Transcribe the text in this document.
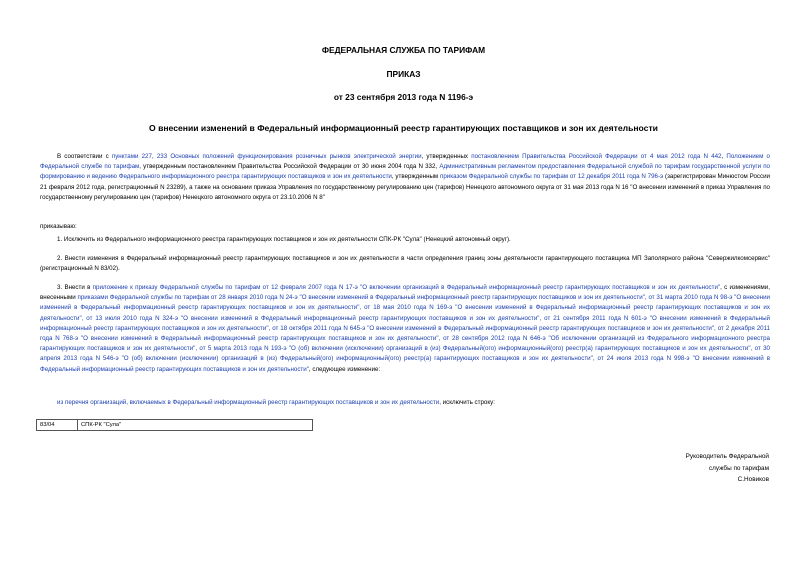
ФЕДЕРАЛЬНАЯ СЛУЖБА ПО ТАРИФАМ
ПРИКАЗ
от 23 сентября 2013 года N 1196-э
О внесении изменений в Федеральный информационный реестр гарантирующих поставщиков и зон их деятельности
В соответствии с пунктами 227, 233 Основных положений функционирования розничных рынков электрической энергии, утвержденных постановлением Правительства Российской Федерации от 4 мая 2012 года N 442, Положением о Федеральной службе по тарифам, утвержденным постановлением Правительства Российской Федерации от 30 июня 2004 года N 332, Административным регламентом предоставления Федеральной службой по тарифам государственной услуги по формированию и ведению Федерального информационного реестра гарантирующих поставщиков и зон их деятельности, утвержденным приказом Федеральной службы по тарифам от 12 декабря 2011 года N 796-э (зарегистрирован Минюстом России 21 февраля 2012 года, регистрационный N 23289), а также на основании приказа Управления по государственному регулированию цен (тарифов) Ненецкого автономного округа от 31 мая 2013 года N 16 "О внесении изменений в приказ Управления по государственному регулированию цен (тарифов) Ненецкого автономного округа от 23.10.2006 N 8"
приказываю:
1. Исключить из Федерального информационного реестра гарантирующих поставщиков и зон их деятельности СПК-РК "Сула" (Ненецкий автономный округ).
2. Внести изменения в Федеральный информационный реестр гарантирующих поставщиков и зон их деятельности в части определения границ зоны деятельности гарантирующего поставщика МП Заполярного района "Севержилкомсервис" (регистрационный N 83/02).
3. Внести в приложение к приказу Федеральной службы по тарифам от 12 февраля 2007 года N 17-э "О включении организаций в Федеральный информационный реестр гарантирующих поставщиков и зон их деятельности", с изменениями, внесенными приказами Федеральной службы по тарифам от 28 января 2010 года N 24-э "О внесении изменений в Федеральный информационный реестр гарантирующих поставщиков и зон их деятельности", от 31 марта 2010 года N 98-э "О внесении изменений в Федеральный информационный реестр гарантирующих поставщиков и зон их деятельности", от 18 мая 2010 года N 169-э "О внесении изменений в Федеральный информационный реестр гарантирующих поставщиков и зон их деятельности", от 13 июля 2010 года N 324-э "О внесении изменений в Федеральный информационный реестр гарантирующих поставщиков и зон их деятельности", от 21 сентября 2011 года N 601-э "О внесении изменений в Федеральный информационный реестр гарантирующих поставщиков и зон их деятельности", от 18 октября 2011 года N 645-э "О внесении изменений в Федеральный информационный реестр гарантирующих поставщиков и зон их деятельности", от 2 декабря 2011 года N 768-э "О внесении изменений в Федеральный информационный реестр гарантирующих поставщиков и зон их деятельности", от 28 сентября 2012 года N 646-э "Об исключении организаций из Федерального информационного реестра гарантирующих поставщиков и зон их деятельности", от 5 марта 2013 года N 193-э "О (об) включении (исключении) организаций в (из) Федеральный(ого) информационный(ого) реестр(а) гарантирующих поставщиков и зон их деятельности", от 30 апреля 2013 года N 546-э "О (об) включении (исключении) организаций в (из) Федеральный(ого) информационный(ого) реестр(а) гарантирующих поставщиков и зон их деятельности", от 24 июля 2013 года N 998-э "О внесении изменений в Федеральный информационный реестр гарантирующих поставщиков и зон их деятельности", следующее изменение:
из перечня организаций, включаемых в Федеральный информационный реестр гарантирующих поставщиков и зон их деятельности, исключить строку:
83/04	СПК-РК "Сула"
Руководитель Федеральной
службы по тарифам
С.Новиков
